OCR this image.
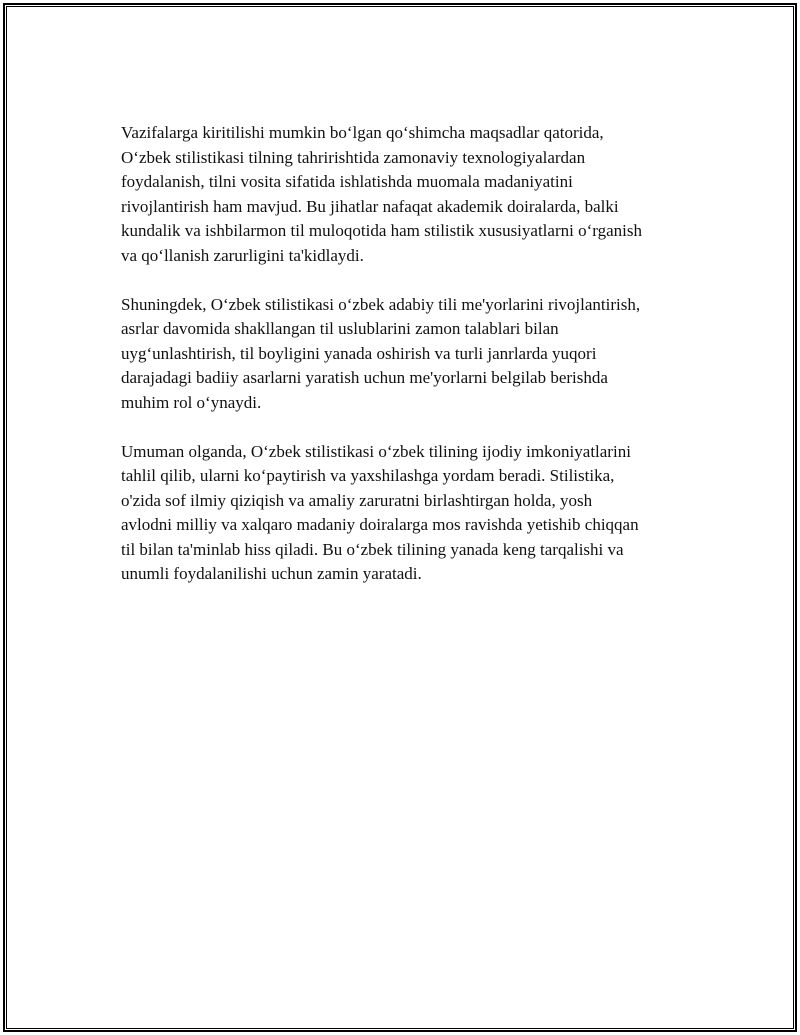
Vazifalarga kiritilishi mumkin bo‘lgan qo‘shimcha maqsadlar qatorida,
O‘zbek stilistikasi tilning tahririshtida zamonaviy texnologiyalardan
foydalanish, tilni vosita sifatida ishlatishda muomala madaniyatini
rivojlantirish ham mavjud. Bu jihatlar nafaqat akademik doiralarda, balki
kundalik va ishbilarmon til muloqotida ham stilistik xususiyatlarni o‘rganish
va qo‘llanish zarurligini ta'kidlaydi.

Shuningdek, O‘zbek stilistikasi o‘zbek adabiy tili me'yorlarini rivojlantirish,
asrlar davomida shakllangan til uslublarini zamon talablari bilan
uyg‘unlashtirish, til boyligini yanada oshirish va turli janrlarda yuqori
darajadagi badiiy asarlarni yaratish uchun me'yorlarni belgilab berishda
muhim rol o‘ynaydi.

Umuman olganda, O‘zbek stilistikasi o‘zbek tilining ijodiy imkoniyatlarini
tahlil qilib, ularni ko‘paytirish va yaxshilashga yordam beradi. Stilistika,
o'zida sof ilmiy qiziqish va amaliy zaruratni birlashtirgan holda, yosh
avlodni milliy va xalqaro madaniy doiralarga mos ravishda yetishib chiqqan
til bilan ta'minlab hiss qiladi. Bu o‘zbek tilining yanada keng tarqalishi va
unumli foydalanilishi uchun zamin yaratadi.
